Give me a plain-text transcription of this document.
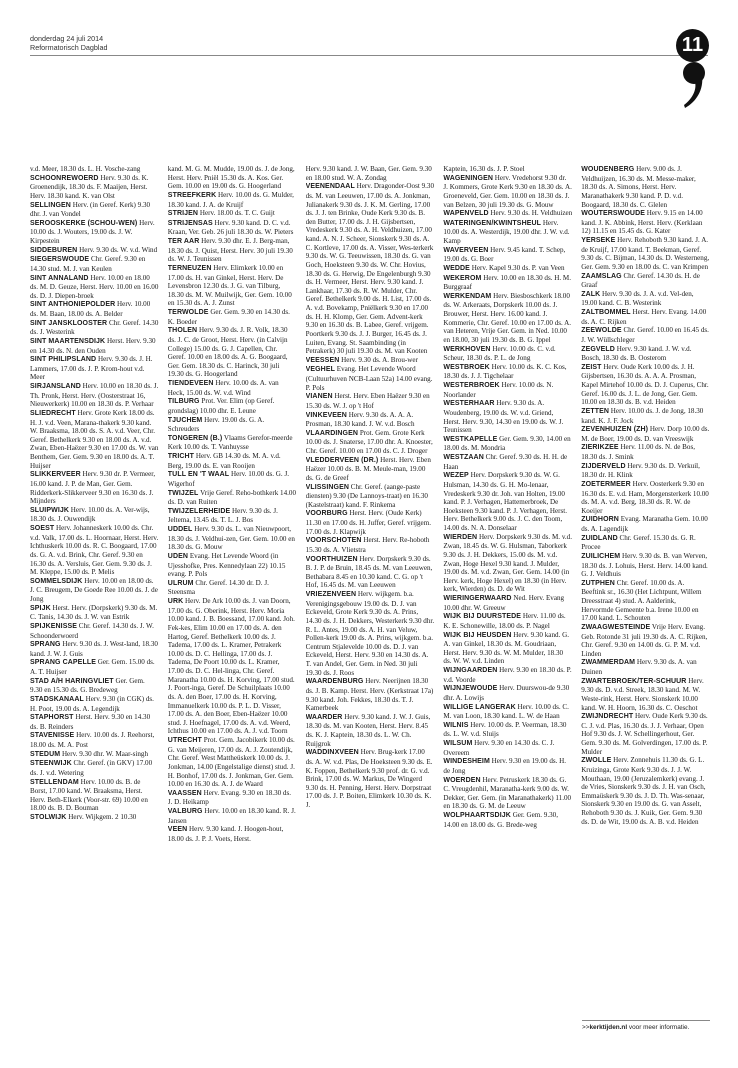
donderdag 24 juli 2014
Reformatorisch Dagblad	11

v.d. Meer, 18.30 ds. L. H. Vosche-zang

SCHOONREWOERD Herv. 9.30 ds. K. Groenendijk, 18.30 ds. F. Maaijen, Herst. Herv. 18.30 kand. K. van Olst

SELLINGEN Herv. (in Geref. Kerk) 9.30 dhr. J. van Vondel

SEROOSKERKE (SCHOU-WEN) Herv. 10.00 ds. J. Wouters, 19.00 ds. J. W. Kirpestein

SIDDEBUREN Herv. 9.30 ds. W. v.d. Wind

SIEGERSWOUDE Chr. Geref. 9.30 en 14.30 stud. M. J. van Keulen

SINT ANNALAND Herv. 10.00 en 18.00 ds. M. D. Geuze, Herst. Herv. 10.00 en 16.00 ds. D. J. Diepen-broek

SINT ANTHONIEPOLDER Herv. 10.00 ds. M. Baan, 18.00 ds. A. Belder

SINT JANSKLOOSTER Chr. Geref. 14.30 ds. J. Westerink

SINT MAARTENSDIJK Herst. Herv. 9.30 en 14.30 ds. N. den Ouden

SINT PHILIPSLAND Herv. 9.30 ds. J. H. Lammers, 17.00 ds. J. P. Krom-hout v.d. Meer

SIRJANSLAND Herv. 10.00 en 18.30 ds. J. Th. Pronk, Herst. Herv. (Oosterstraat 16, Nieuwerkerk) 10.00 en 18.30 ds. P. Verhaar

SLIEDRECHT Herv. Grote Kerk 18.00 ds. H. J. v.d. Veen, Marana-thakerk 9.30 kand. W. Braaksma, 18.00 ds. S. A. v.d. Veer, Chr. Geref. Bethelkerk 9.30 en 18.00 ds. A. v.d. Zwan, Eben-Haëzer 9.30 en 17.00 ds. W. van Benthem, Ger. Gem. 9.30 en 18.00 ds. A. T. Huijser

SLIKKERVEER Herv. 9.30 dr. P. Vermeer, 16.00 kand. J. P. de Man, Ger. Gem. Ridderkerk-Slikkerveer 9.30 en 16.30 ds. J. Mijnders

SLUIPWIJK Herv. 10.00 ds. A. Ver-wijs, 18.30 ds. J. Ouwendijk

SOEST Herv. Johanneskerk 10.00 ds. Chr. v.d. Valk, 17.00 ds. L. Hoornaar, Herst. Herv. Ichthuskerk 10.00 ds. R. C. Boogaard, 17.00 ds. G. A. v.d. Brink, Chr. Geref. 9.30 en 16.30 ds. A. Versluis, Ger. Gem. 9.30 ds. J. M. Kleppe, 15.00 ds. P. Melis

SOMMELSDIJK Herv. 10.00 en 18.00 ds. J. C. Breugem, De Goede Ree 10.00 ds. J. de Jong

SPIJK Herst. Herv. (Dorpskerk) 9.30 ds. M. C. Tanis, 14.30 ds. J. W. van Estrik

SPIJKENISSE Chr. Geref. 14.30 ds. J. W. Schoonderwoerd

SPRANG Herv. 9.30 ds. J. West-land, 18.30 kand. J. W. J. Guis

SPRANG CAPELLE Ger. Gem. 15.00 ds. A. T. Huijser

STAD A/H HARINGVLIET Ger. Gem. 9.30 en 15.30 ds. G. Bredeweg

STADSKANAAL Herv. 9.30 (in CGK) ds. H. Poot, 19.00 ds. A. Legendijk

STAPHORST Herst. Herv. 9.30 en 14.30 ds. B. Reinders

STAVENISSE Herv. 10.00 ds. J. Reehorst, 18.00 ds. M. A. Post

STEDUM Herv. 9.30 dhr. W. Maar-singh

STEENWIJK Chr. Geref. (in GKV) 17.00 ds. J. v.d. Wetering

STELLENDAM Herv. 10.00 ds. B. de Borst, 17.00 kand. W. Braaksma, Herst. Herv. Beth-Elkerk (Voor-str. 69) 10.00 en 18.00 ds. B. D. Bouman

STOLWIJK Herv. Wijkgem. 2 10.30

kand. M. G. M. Mudde, 19.00 ds. J. de Jong, Herst. Herv. Pniël 15.30 ds. A. Kos. Ger. Gem. 10.00 en 19.00 ds. G. Hoogerland

STREEFKERK Herv. 10.00 ds. G. Mulder, 18.30 kand. J. A. de Kruijf

STRIJEN Herv. 18.00 ds. T. C. Guijt

STRIJENSAS Herv. 9.30 kand. D. C. v.d. Kraan, Ver. Geb. 26 juli 18.30 ds. W. Pieters

TER AAR Herv. 9.30 dhr. E. J. Berg-man, 18.30 ds. J. Quist, Herst. Herv. 30 juli 19.30 ds. W. J. Teunissen

TERNEUZEN Herv. Elimkerk 10.00 en 17.00 ds. H. van Ginkel, Herst. Herv. De Levensbron 12.30 ds. J. G. van Tilburg, 18.30 ds. M. W. Muilwijk, Ger. Gem. 10.00 en 15.30 ds. A. J. Zunst

TERWOLDE Ger. Gem. 9.30 en 14.30 ds. K. Boeder

THOLEN Herv. 9.30 ds. J. R. Volk, 18.30 ds. J. C. de Groot, Herst. Herv. (in Calvijn College) 15.00 ds. G. J. Capellen, Chr. Geref. 10.00 en 18.00 ds. A. G. Boogaard, Ger. Gem. 18.30 ds. C. Harinck, 30 juli 19.30 ds. G. Hoogerland

TIENDEVEEN Herv. 10.00 ds. A. van Heck, 15.00 ds. W. v.d. Wind

TILBURG Prot. Ver. Elim (op Geref. grondslag) 10.00 dhr. E. Leune

TJUCHEM Herv. 19.00 ds. G. A. Schreuders

TONGEREN (B.) Vlaams Gerefor-meerde Kerk 10.00 ds. T. Vanhuysse

TRICHT Herv. GB 14.30 ds. M. A. v.d. Berg, 19.00 ds. E. van Rooijen

TULL EN 'T WAAL Herv. 10.00 ds. G. J. Wigerhof

TWIJZEL Vrije Geref. Reho-bothkerk 14.00 ds. D. van Ruiten

TWIJZELERHEIDE Herv. 9.30 ds. J. Jeltema, 13.45 ds. T. L. J. Bos

UDDEL Herv. 9.30 ds. L. van Nieuwpoort, 18.30 ds. J. Veldhui-zen, Ger. Gem. 10.00 en 18.30 ds. G. Mouw

UDEN Evang. Het Levende Woord (in Ujesshofke, Pres. Kennedylaan 22) 10.15 evang. P. Pols

ULRUM Chr. Geref. 14.30 dr. D. J. Steensma

URK Herv. De Ark 10.00 ds. J. van Doorn, 17.00 ds. G. Oberink, Herst. Herv. Moria 10.00 kand. J. B. Boessand, 17.00 kand. Joh. Fek-kes, Elim 10.00 en 17.00 ds. A. den Hartog, Geref. Bethelkerk 10.00 ds. J. Tadema, 17.00 ds. L. Kramer, Petrakerk 10.00 ds. D. C. Hellinga, 17.00 ds. J. Tadema, De Poort 10.00 ds. L. Kramer, 17.00 ds. D. C. Hel-linga, Chr. Geref. Maranatha 10.00 ds. H. Korving, 17.00 stud. J. Poort-inga, Geref. De Schuilplaats 10.00 ds. A. den Boer, 17.00 ds. H. Korving, Immanuelkerk 10.00 ds. P. L. D. Visser, 17.00 ds. A. den Boer, Eben-Haëzer 10.00 stud. J. Hoefnagel, 17.00 ds. A. v.d. Weerd, Ichthus 10.00 en 17.00 ds. A. J. v.d. Toorn

UTRECHT Prot. Gem. Jacobikerk 10.00 ds. G. van Meijeren, 17.00 ds. A. J. Zoutendijk, Chr. Geref. West Mattheüskerk 10.00 ds. J. Jonkman, 14.00 (Engelstalige dienst) stud. J. H. Bonhof, 17.00 ds. J. Jonkman, Ger. Gem. 10.00 en 16.30 ds. A. J. de Waard

VAASSEN Herv. Evang. 9.30 en 18.30 ds. J. D. Heikamp

VALBURG Herv. 10.00 en 18.30 kand. R. J. Jansen

VEEN Herv. 9.30 kand. J. Hoogen-hout, 18.00 ds. J. P. J. Voets, Herst.

Herv. 9.30 kand. J. W. Baan, Ger. Gem. 9.30 en 18.00 stud. W. A. Zondag

VEENENDAAL Herv. Dragonder-Oost 9.30 ds. M. van Leeuwen, 17.00 ds. A. Jonkman, Julianakerk 9.30 ds. J. K. M. Gerling, 17.00 ds. J. J. ten Brinke, Oude Kerk 9.30 ds. B. den Butter, 17.00 ds. J. H. Gijsbertsen, Vredeskerk 9.30 ds. A. H. Veldhuizen, 17.00 kand. A. N. J. Scheer, Sionskerk 9.30 ds. A. C. Kortleve, 17.00 ds. A. Visser, Wes-terkerk 9.30 ds. W. G. Teeuwissen, 18.30 ds. G. van Goch, Hoeksteen 9.30 ds. W. Chr. Hovius, 18.30 ds. G. Herwig, De Engelenburgh 9.30 ds. H. Vermeer, Herst. Herv. 9.30 kand. J. Lankhaar, 17.30 ds. R. W. Mulder, Chr. Geref. Bethelkerk 9.00 ds. H. List, 17.00 ds. A. v.d. Bovekamp, Pniëlkerk 9.30 en 17.00 ds. H. H. Klomp, Ger. Gem. Advent-kerk 9.30 en 16.30 ds. B. Labee, Geref. vrijgem. Poortkerk 9.30 ds. J. J. Burger, 16.45 ds. J. Luiten, Evang. St. Saambinding (in Petrakerk) 30 juli 19.30 ds. M. van Kooten

VEESSEN Herv. 9.30 ds. A. Brou-wer

VEGHEL Evang. Het Levende Woord (Cultuurhuven NCB-Laan 52a) 14.00 evang. P. Pols

VIANEN Herst. Herv. Eben Haëzer 9.30 en 15.30 ds. W. J. op 't Hof

VINKEVEEN Herv. 9.30 ds. A. A. A. Prosman, 18.30 kand. J. W. v.d. Bosch

VLAARDINGEN Prot. Gem. Grote Kerk 10.00 ds. J. Snaterse, 17.00 dhr. A. Knoester, Chr. Geref. 10.00 en 17.00 ds. C. J. Droger

VLEDDERVEEN (DR.) Herst. Herv. Eben Haëzer 10.00 ds. B. M. Meule-man, 19.00 ds. G. de Greef

VLISSINGEN Chr. Geref. (aange-paste diensten) 9.30 (De Lannoys-traat) en 16.30 (Kastelstraat) kand. F. Rinkema

VOORBURG Herst. Herv. (Oude Kerk) 11.30 en 17.00 ds. H. Juffer, Geref. vrijgem. 17.00 ds. J. Klapwijk

VOORSCHOTEN Herst. Herv. Re-hoboth 15.30 ds. A. Vlietstra

VOORTHUIZEN Herv. Dorpskerk 9.30 ds. B. J. P. de Bruin, 18.45 ds. M. van Leeuwen, Bethabara 8.45 en 10.30 kand. C. G. op 't Hof, 16.45 ds. M. van Leeuwen

VRIEZENVEEN Herv. wijkgem. b.a. Verenigingsgebouw 19.00 ds. D. J. van Eckeveld, Grote Kerk 9.30 ds. A. Prins, 14.30 ds. J. H. Dekkers, Westerkerk 9.30 dhr. R. L. Antes, 19.00 ds. A. H. van Veluw, Pollen-kerk 19.00 ds. A. Prins, wijkgem. b.a. Centrum Stjalevelde 10.00 ds. D. J. van Eckeveld, Herst. Herv. 9.30 en 14.30 ds. A. T. van Andel, Ger. Gem. in Ned. 30 juli 19.30 ds. J. Roos

WAARDENBURG Herv. Neerijnen 18.30 ds. J. B. Kamp. Herst. Herv. (Kerkstraat 17a) 9.30 kand. Joh. Fekkes, 18.30 ds. T. J. Kamerbeek

WAARDER Herv. 9.30 kand. J. W. J. Guis, 18.30 ds. M. van Kooten, Herst. Herv. 8.45 ds. K. J. Kaptein, 18.30 ds. L. W. Ch. Ruijgrok

WADDINXVEEN Herv. Brug-kerk 17.00 ds. A. W. v.d. Plas, De Hoeksteen 9.30 ds. E. K. Foppen, Bethelkerk 9.30 prof. dr. G. v.d. Brink, 17.00 ds. W. Markus, De Wingerd 9.30 ds. H. Penning, Herst. Herv. Dorpstraat 17.00 ds. J. P. Boiten, Elimkerk 10.30 ds. K. J.

Kaptein, 16.30 ds. J. P. Stoel

WAGENINGEN Herv. Vredehorst 9.30 dr. J. Kommers, Grote Kerk 9.30 en 18.30 ds. A. Groeneveld, Ger. Gem. 10.00 en 18.30 ds. J. van Belzen, 30 juli 19.30 ds. G. Mouw

WAPENVELD Herv. 9.30 ds. H. Veldhuizen

WATERINGEN/KWINTSHEUL Herv. 10.00 ds. A. Westerdijk, 19.00 dhr. J. W. v.d. Kamp

WAVERVEEN Herv. 9.45 kand. T. Schep, 19.00 ds. G. Boer

WEDDE Herv. Kapel 9.30 ds. P. van Veen

WEKEROM Herv. 10.00 en 18.30 ds. H. M. Burggraaf

WERKENDAM Herv. Biesboschkerk 18.00 ds. W. Arkeraats, Dorpskerk 10.00 ds. J. Brouwer, Herst. Herv. 16.00 kand. J. Kommerie, Chr. Geref. 10.00 en 17.00 ds. A. van Heteren, Vrije Ger. Gem. in Ned. 10.00 en 18.00, 30 juli 19.30 ds. B. G. Ippel

WERKHOVEN Herv. 10.00 ds. C. v.d. Scheur, 18.30 ds. P. L. de Jong

WESTBROEK Herv. 10.00 ds. K. C. Kos, 18.30 ds. J. J. Tigchelaar

WESTERBROEK Herv. 10.00 ds. N. Noorlander

WESTERHAAR Herv. 9.30 ds. A. Woudenberg, 19.00 ds. W. v.d. Griend, Herst. Herv. 9.30, 14.30 en 19.00 ds. W. J. Teunissen

WESTKAPELLE Ger. Gem. 9.30, 14.00 en 18.00 ds. M. Mondria

WESTZAAN Chr. Geref. 9.30 ds. H. H. de Haan

WEZEP Herv. Dorpskerk 9.30 ds. W. G. Hulsman, 14.30 ds. G. H. Mo-lenaar, Vredeskerk 9.30 dr. Joh. van Holten, 19.00 kand. P. J. Verhagen, Hattemerbroek, De Hoeksteen 9.30 kand. P. J. Verhagen, Herst. Herv. Bethelkerk 9.00 ds. J. C. den Toom, 14.00 ds. N. A. Donselaar

WIERDEN Herv. Dorpskerk 9.30 ds. M. v.d. Zwan, 18.45 ds. W. G. Hulsman, Taborkerk 9.30 ds. J. H. Dekkers, 15.00 ds. M. v.d. Zwan, Hoge Hexel 9.30 kand. J. Mulder, 19.00 ds. M. v.d. Zwan, Ger. Gem. 14.00 (in Herv. kerk, Hoge Hexel) en 18.30 (in Herv. kerk, Wierden) ds. D. de Wit

WIERINGERWAARD Ned. Herv. Evang 10.00 dhr. W. Greeuw

WIJK BIJ DUURSTEDE Herv. 11.00 ds. K. E. Schonewille, 18.00 ds. P. Nagel

WIJK BIJ HEUSDEN Herv. 9.30 kand. G. A. van Ginkel, 18.30 ds. M. Goudriaan, Herst. Herv. 9.30 ds. W. M. Mulder, 18.30 ds. W. W. v.d. Linden

WIJNGAARDEN Herv. 9.30 en 18.30 ds. P. v.d. Voorde

WIJNJEWOUDE Herv. Duurswou-de 9.30 dhr. A. Lowijs

WILLIGE LANGERAK Herv. 10.00 ds. C. M. van Loon, 18.30 kand. L. W. de Haan

WILNIS Herv. 10.00 ds. P. Veerman, 18.30 ds. L. W. v.d. Sluijs

WILSUM Herv. 9.30 en 14.30 ds. C. J. Overeem

WINDESHEIM Herv. 9.30 en 19.00 ds. H. de Jong

WOERDEN Herv. Petruskerk 18.30 ds. G. C. Vreugdenhil, Maranatha-kerk 9.00 ds. W. Dekker, Ger. Gem. (in Maranathakerk) 11.00 en 18.30 ds. G. M. de Leeuw

WOLPHAARTSDIJK Ger. Gem. 9.30, 14.00 en 18.00 ds. G. Brede-weg

WOUDENBERG Herv. 9.00 ds. J. Veldhuijzen, 16.30 ds. M. Messe-maker, 18.30 ds. A. Simons, Herst. Herv. Maranathakerk 9.30 kand. P. D. v.d. Boogaard, 18.30 ds. C. Glelen

WOUTERSWOUDE Herv. 9.15 en 14.00 kand. J. K. Abbink, Herst. Herv. (Kerklaan 12) 11.15 en 15.45 ds. G. Kater

YERSEKE Herv. Rehoboth 9.30 kand. J. A. de Kruijf, 17.00 kand. T. Beekman, Geref. 9.30 ds. C. Bijman, 14.30 ds. D. Westerneng, Ger. Gem. 9.30 en 18.00 ds. C. van Krimpen

ZAAMSLAG Chr. Geref. 14.30 ds. H. de Graaf

ZALK Herv. 9.30 ds. J. A. v.d. Vel-den, 19.00 kand. C. B. Westerink

ZALTBOMMEL Herst. Herv. Evang. 14.00 ds. A. C. Rijken

ZEEWOLDE Chr. Geref. 10.00 en 16.45 ds. J. W. Wüllschleger

ZEGVELD Herv. 9.30 kand. J. W. v.d. Bosch, 18.30 ds. B. Oosterom

ZEIST Herv. Oude Kerk 10.00 ds. J. H. Gijsbertsen, 16.30 ds. A. A. A. Prosman, Kapel Mirtehof 10.00 ds. D. J. Cuperus, Chr. Geref. 16.00 ds. J. L. de Jong, Ger. Gem. 10.00 en 18.30 ds. B. v.d. Heiden

ZETTEN Herv. 10.00 ds. J. de Jong, 18.30 kand. K. J. F. Jock

ZEVENHUIZEN (ZH) Herv. Dorp 10.00 ds. M. de Boer, 19.00 ds. D. van Vreeswijk

ZIERIKZEE Herv. 11.00 ds. N. de Bos, 18.30 ds. J. Smink

ZIJDERVELD Herv. 9.30 ds. D. Verkuil, 18.30 dr. H. Klink

ZOETERMEER Herv. Oosterkerk 9.30 en 16.30 ds. E. v.d. Ham, Morgensterkerk 10.00 ds. M. A. v.d. Berg, 18.30 ds. R. W. de Koeijer

ZUIDHORN Evang. Maranatha Gem. 10.00 ds. A. Lagendijk

ZUIDLAND Chr. Geref. 15.30 ds. G. R. Procee

ZUILICHEM Herv. 9.30 ds. B. van Werven, 18.30 ds. J. Lohuis, Herst. Herv. 14.00 kand. G. J. Veldhuis

ZUTPHEN Chr. Geref. 10.00 ds. A. Beeftink sr., 16.30 (Het Lichtpunt, Willem Dreesstraat 4) stud. A. Aalderink, Hervormde Gemeente b.a. Irene 10.00 en 17.00 kand. L. Schouten

ZWAAGWESTEINDE Vrije Herv. Evang. Geb. Rotonde 31 juli 19.30 ds. A. C. Rijken, Chr. Geref. 9.30 en 14.00 ds. G. P. M. v.d. Linden

ZWAMMERDAM Herv. 9.30 ds. A. van Duinen

ZWARTEBROEK/TER-SCHUUR Herv. 9.30 ds. D. v.d. Streek, 18.30 kand. M. W. Weste-rink, Herst. Herv. Sionskerk 10.00 kand. W. H. Hoorn, 16.30 ds. C. Oeschot

ZWIJNDRECHT Herv. Oude Kerk 9.30 ds. C. J. v.d. Plas, 16.30 ds. J. J. Verhaar, Open Hof 9.30 ds. J. W. Schellingerhout, Ger. Gem. 9.30 ds. M. Golverdingen, 17.00 ds. P. Mulder

ZWOLLE Herv. Zonnehuis 11.30 ds. G. L. Kruizinga, Grote Kerk 9.30 ds. J. J. W. Mouthaan, 19.00 (Jeruzalemkerk) evang. J. de Vries, Sionskerk 9.30 ds. J. H. van Osch, Emmaüskerk 9.30 ds. J. D. Th. Was-senaar, Sionskerk 9.30 en 19.00 ds. G. van Asselt, Rehoboth 9.30 ds. J. Kuik, Ger. Gem. 9.30 ds. D. de Wit, 19.00 ds. A. B. v.d. Heiden

>>kerktijden.nl voor meer informatie.
